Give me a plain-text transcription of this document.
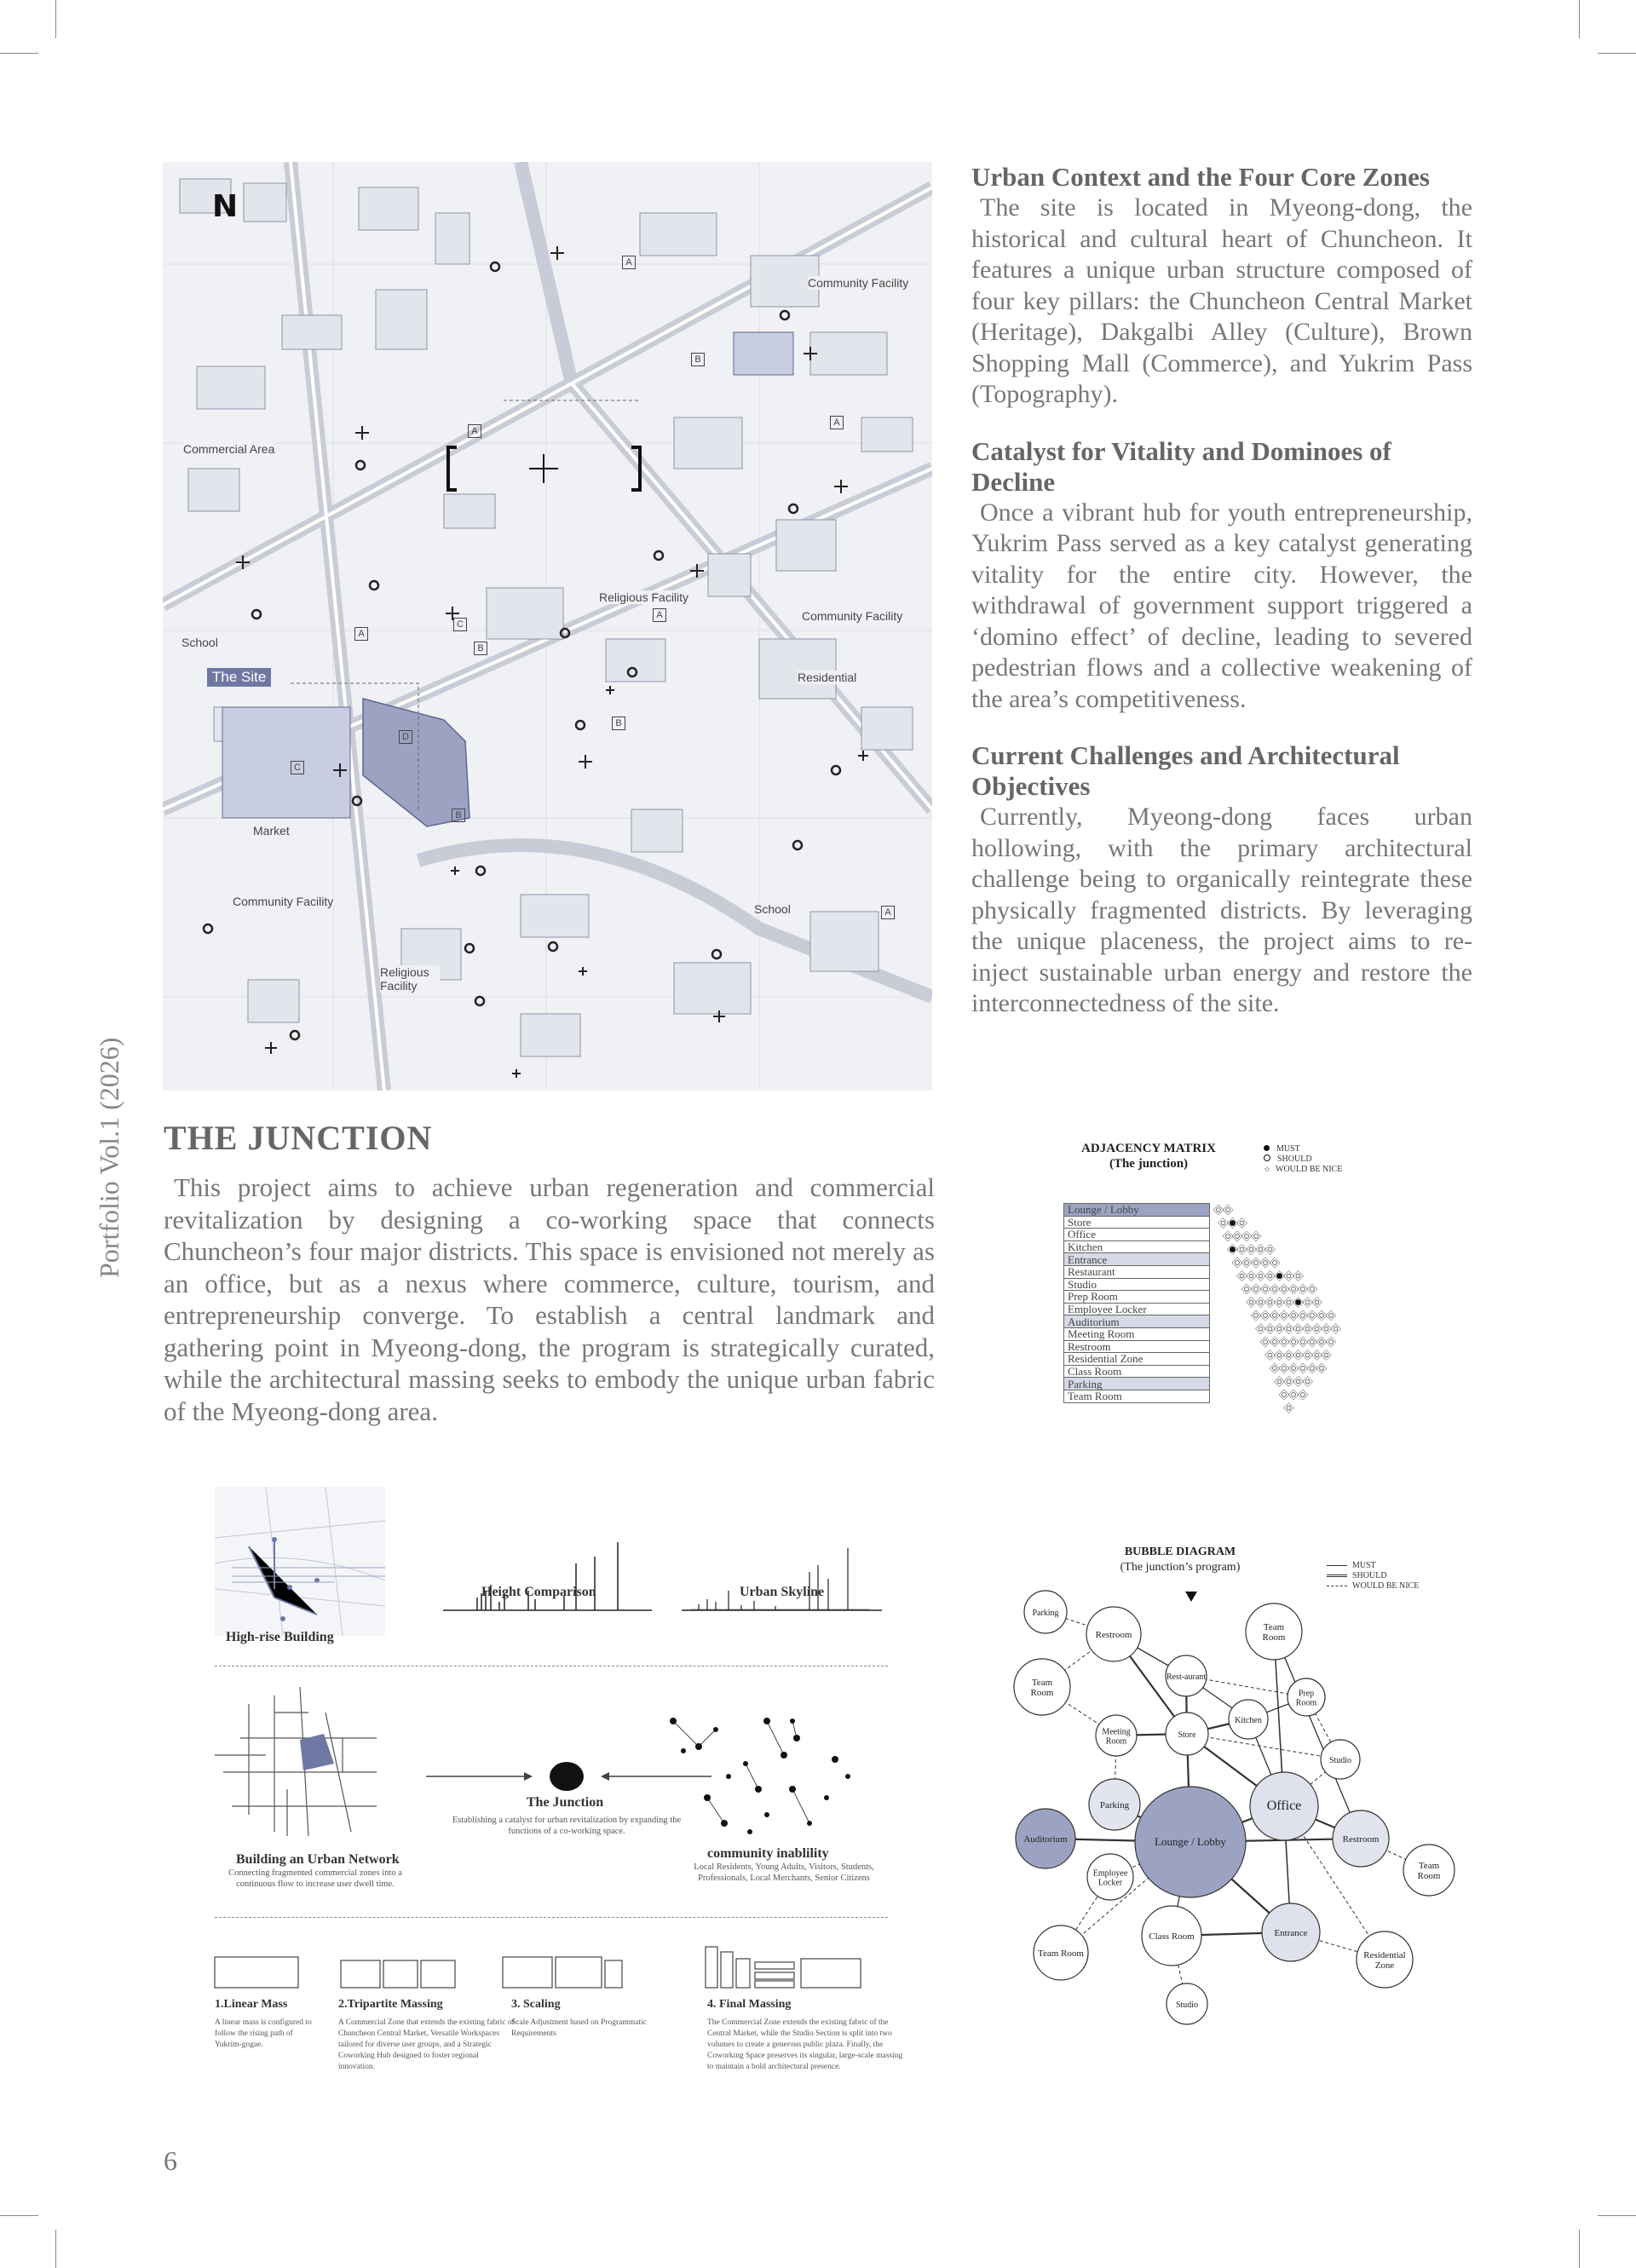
N
Community Facility
Commercial Area
Religious Facility
Community Facility
School
The Site	Residential
Market
Community Facility
School
Religious Facility
A
B
A
A
A
C
A
B
B
D
C
B
A
Urban Context and the Four Core Zones

The site is located in Myeong-dong, the historical and cultural heart of Chuncheon. It features a unique urban structure composed of four key pillars: the Chuncheon Central Market (Heritage), Dakgalbi Alley (Culture), Brown Shopping Mall (Commerce), and Yukrim Pass (Topography).

Catalyst for Vitality and Dominoes of Decline

Once a vibrant hub for youth entrepreneurship, Yukrim Pass served as a key catalyst generating vitality for the entire city. However, the withdrawal of government support triggered a ‘domino effect’ of decline, leading to severed pedestrian flows and a collective weakening of the area’s competitiveness.

Current Challenges and Architectural Objectives

Currently, Myeong-dong faces urban hollowing, with the primary architectural challenge being to organically reintegrate these physically fragmented districts. By leveraging the unique placeness, the project aims to re-inject sustainable urban energy and restore the interconnectedness of the site.

Portfolio Vol.1 (2026) THE JUNCTION

This project aims to achieve urban regeneration and commercial revitalization by designing a co-working space that connects Chuncheon’s four major districts. This space is envisioned not merely as an office, but as a nexus where commerce, culture, tourism, and entrepreneurship converge. To establish a central landmark and gathering point in Myeong-dong, the program is strategically curated, while the architectural massing seeks to embody the unique urban fabric of the Myeong-dong area.

ADJACENCY MATRIX
(The junction)
MUST
SHOULD
☆ WOULD BE NICE
Lounge / Lobby
Store
Office
Kitchen
Entrance
Restaurant
Studio
Prep Room
Employee Locker
Auditorium
Meeting Room
Restroom
Residential Zone
Class Room
Parking
Team Room
High-rise Building
Height Comparison	Urban Skyline
Building an Urban Network
Connecting fragmented commercial zones into a continuous flow to increase user dwell time.
The Junction
Establishing a catalyst for urban revitalization by expanding the functions of a co-working space.
community inablility
Local Residents, Young Adults, Visitors, Students, Professionals, Local Merchants, Senior Citizens
1.Linear Mass
A linear mass is configured to follow the rising path of Yukrim-gogae.
2.Tripartite Massing
A Commercial Zone that extends the existing fabric of Chuncheon Central Market, Versatile Workspaces tailored for diverse user groups, and a Strategic Coworking Hub designed to foster regional innovation.
3. Scaling
Scale Adjustment based on Programmatic Requirements
4. Final Massing
The Commercial Zone extends the existing fabric of the Central Market, while the Studio Section is split into two volumes to create a generous public plaza. Finally, the Coworking Space preserves its singular, large-scale massing to maintain a bold architectural presence.
BUBBLE DIAGRAM
(The junction’s program)	MUST
SHOULD
WOULD BE NICE
Parking
Restroom
Team Room
Team Room
Rest-aurant
Prep Room
Kitchen
Store
Meeting Room
Studio
Parking	Office
Auditorium	Lounge / Lobby	Restroom
Employee Locker
Team Room
Class Room	Entrance
Team Room	Residential Zone
Studio
6
